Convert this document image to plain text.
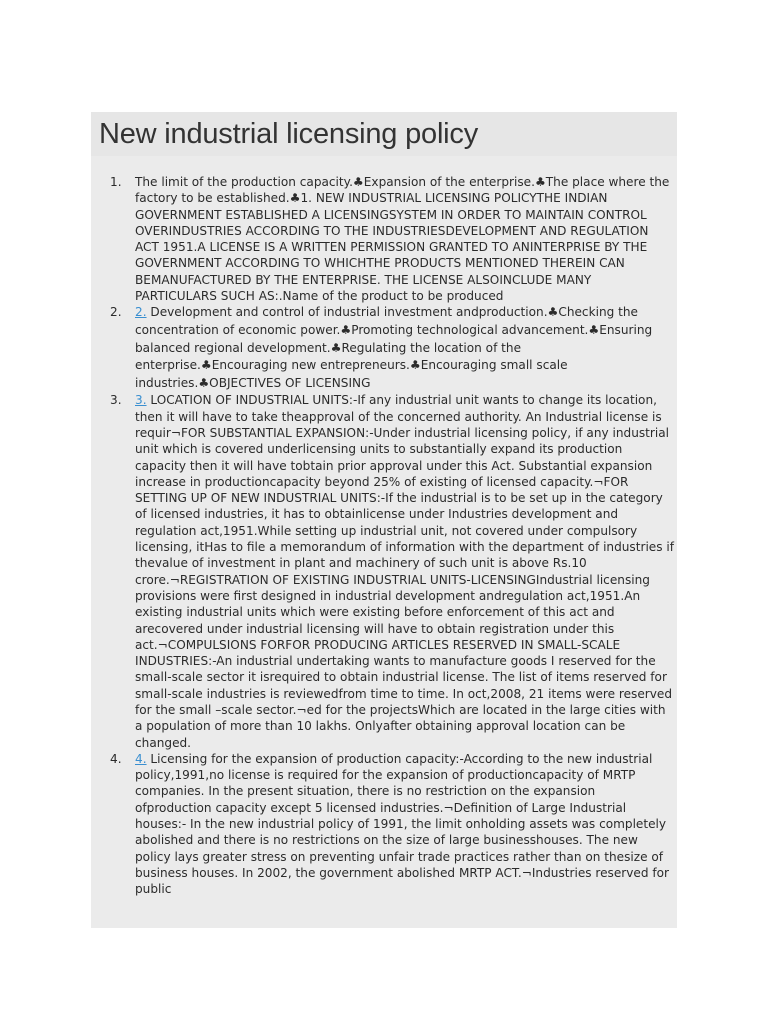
New industrial licensing policy
1.	The limit of the production capacity.♣Expansion of the enterprise.♣The place where the factory to be established.♣1. NEW INDUSTRIAL LICENSING POLICYTHE INDIAN GOVERNMENT ESTABLISHED A LICENSINGSYSTEM IN ORDER TO MAINTAIN CONTROL OVERINDUSTRIES ACCORDING TO THE INDUSTRIESDEVELOPMENT AND REGULATION ACT 1951.A LICENSE IS A WRITTEN PERMISSION GRANTED TO ANINTERPRISE BY THE GOVERNMENT ACCORDING TO WHICHTHE PRODUCTS MENTIONED THEREIN CAN BEMANUFACTURED BY THE ENTERPRISE. THE LICENSE ALSOINCLUDE MANY PARTICULARS SUCH AS:.Name of the product to be produced
2.	2. Development and control of industrial investment andproduction.♣Checking the concentration of economic power.♣Promoting technological advancement.♣Ensuring balanced regional development.♣Regulating the location of the enterprise.♣Encouraging new entrepreneurs.♣Encouraging small scale industries.♣OBJECTIVES OF LICENSING
3.	3. LOCATION OF INDUSTRIAL UNITS:-If any industrial unit wants to change its location, then it will have to take theapproval of the concerned authority. An Industrial license is requir¬FOR SUBSTANTIAL EXPANSION:-Under industrial licensing policy, if any industrial unit which is covered underlicensing units to substantially expand its production capacity then it will have tobtain prior approval under this Act. Substantial expansion increase in productioncapacity beyond 25% of existing of licensed capacity.¬FOR SETTING UP OF NEW INDUSTRIAL UNITS:-If the industrial is to be set up in the category of licensed industries, it has to obtainlicense under Industries development and regulation act,1951.While setting up industrial unit, not covered under compulsory licensing, itHas to file a memorandum of information with the department of industries if thevalue of investment in plant and machinery of such unit is above Rs.10 crore.¬REGISTRATION OF EXISTING INDUSTRIAL UNITS-LICENSINGIndustrial licensing provisions were first designed in industrial development andregulation act,1951.An existing industrial units which were existing before enforcement of this act and arecovered under industrial licensing will have to obtain registration under this act.¬COMPULSIONS FORFOR PRODUCING ARTICLES RESERVED IN SMALL-SCALE INDUSTRIES:-An industrial undertaking wants to manufacture goods I reserved for the small-scale sector it isrequired to obtain industrial license. The list of items reserved for small-scale industries is reviewedfrom time to time. In oct,2008, 21 items were reserved for the small –scale sector.¬ed for the projectsWhich are located in the large cities with a population of more than 10 lakhs. Onlyafter obtaining approval location can be changed.
4.	4. Licensing for the expansion of production capacity:-According to the new industrial policy,1991,no license is required for the expansion of productioncapacity of MRTP companies. In the present situation, there is no restriction on the expansion ofproduction capacity except 5 licensed industries.¬Definition of Large Industrial houses:- In the new industrial policy of 1991, the limit onholding assets was completely abolished and there is no restrictions on the size of large businesshouses. The new policy lays greater stress on preventing unfair trade practices rather than on thesize of business houses. In 2002, the government abolished MRTP ACT.¬Industries reserved for public
